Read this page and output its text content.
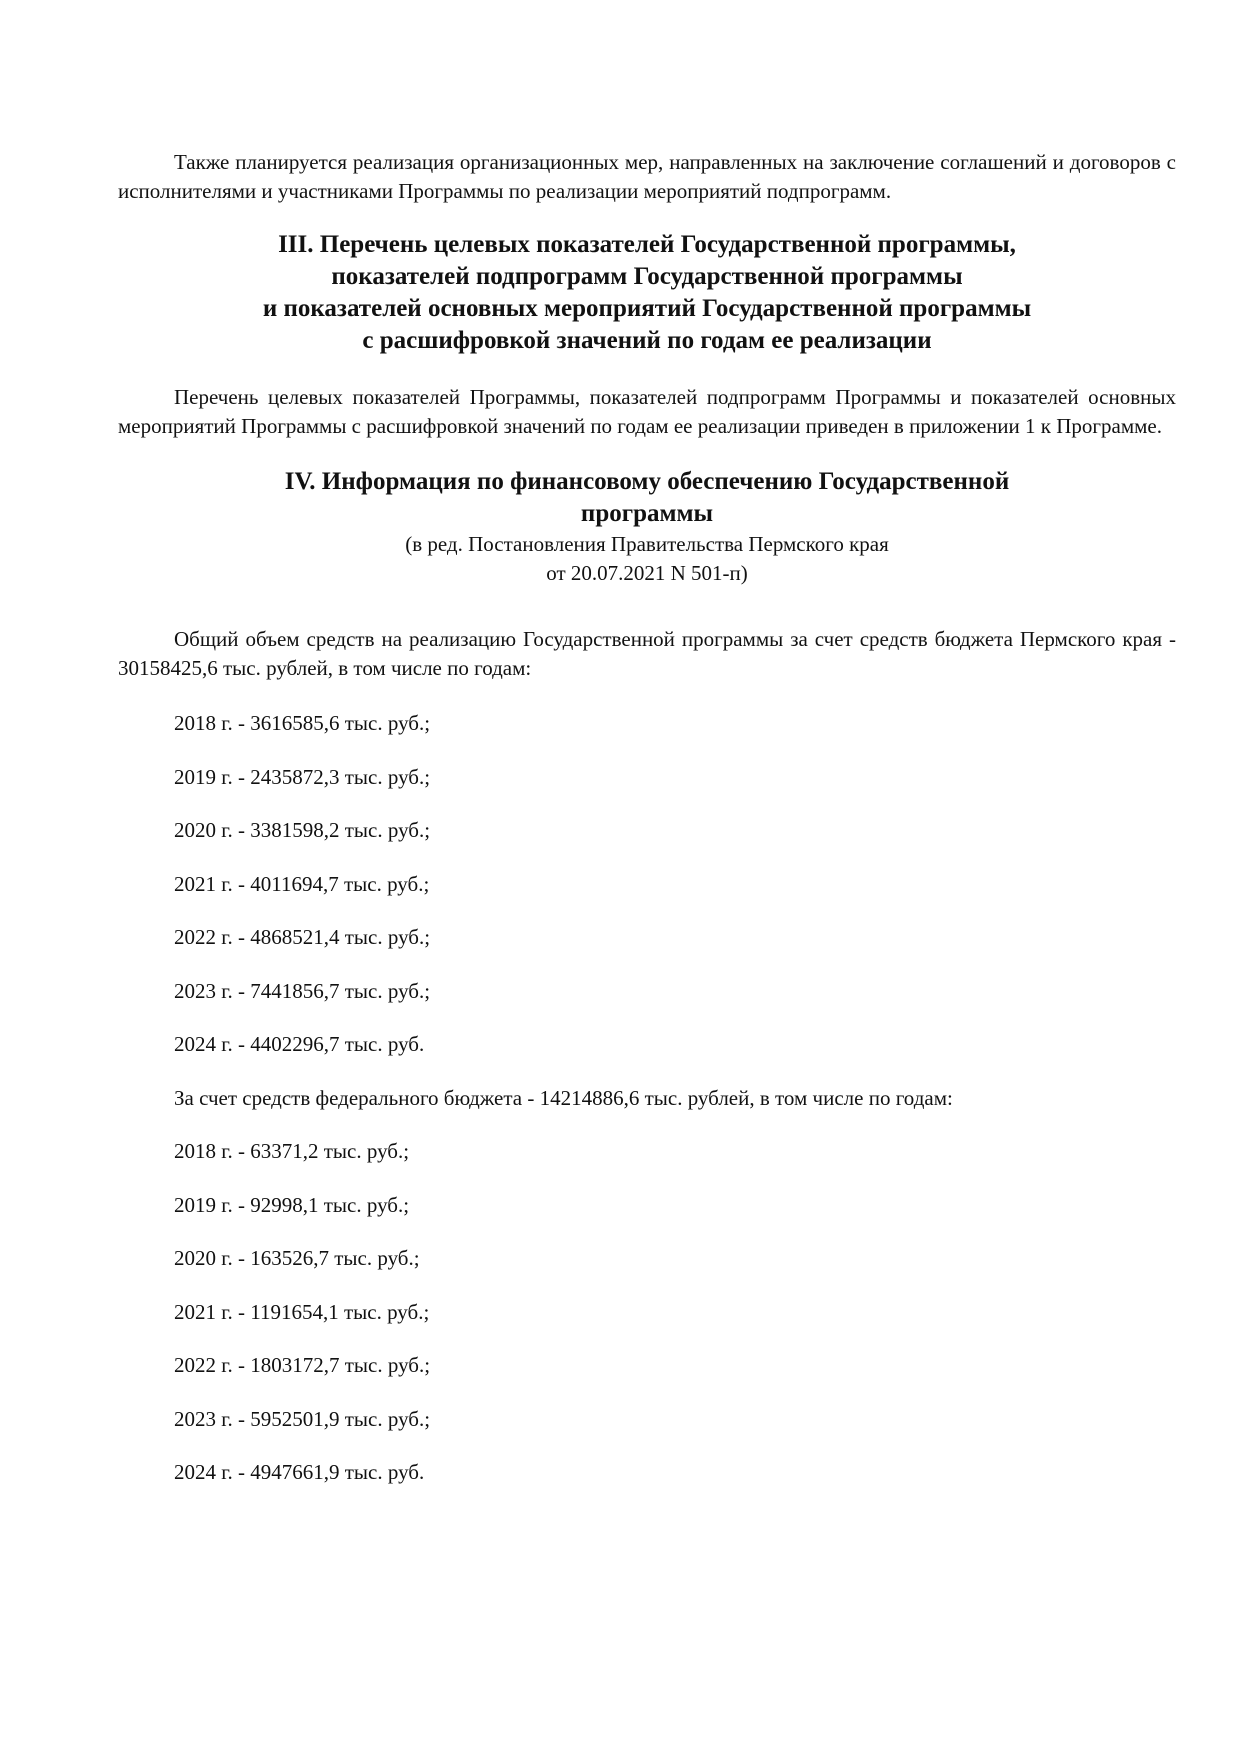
Также планируется реализация организационных мер, направленных на заключение соглашений и договоров с исполнителями и участниками Программы по реализации мероприятий подпрограмм.

III. Перечень целевых показателей Государственной программы,
показателей подпрограмм Государственной программы
и показателей основных мероприятий Государственной программы
с расшифровкой значений по годам ее реализации

Перечень целевых показателей Программы, показателей подпрограмм Программы и показателей основных мероприятий Программы с расшифровкой значений по годам ее реализации приведен в приложении 1 к Программе.

IV. Информация по финансовому обеспечению Государственной
программы
(в ред. Постановления Правительства Пермского края
от 20.07.2021 N 501-п)

Общий объем средств на реализацию Государственной программы за счет средств бюджета Пермского края - 30158425,6 тыс. рублей, в том числе по годам:

2018 г. - 3616585,6 тыс. руб.;
2019 г. - 2435872,3 тыс. руб.;
2020 г. - 3381598,2 тыс. руб.;
2021 г. - 4011694,7 тыс. руб.;
2022 г. - 4868521,4 тыс. руб.;
2023 г. - 7441856,7 тыс. руб.;
2024 г. - 4402296,7 тыс. руб.

За счет средств федерального бюджета - 14214886,6 тыс. рублей, в том числе по годам:

2018 г. - 63371,2 тыс. руб.;
2019 г. - 92998,1 тыс. руб.;
2020 г. - 163526,7 тыс. руб.;
2021 г. - 1191654,1 тыс. руб.;
2022 г. - 1803172,7 тыс. руб.;
2023 г. - 5952501,9 тыс. руб.;
2024 г. - 4947661,9 тыс. руб.
